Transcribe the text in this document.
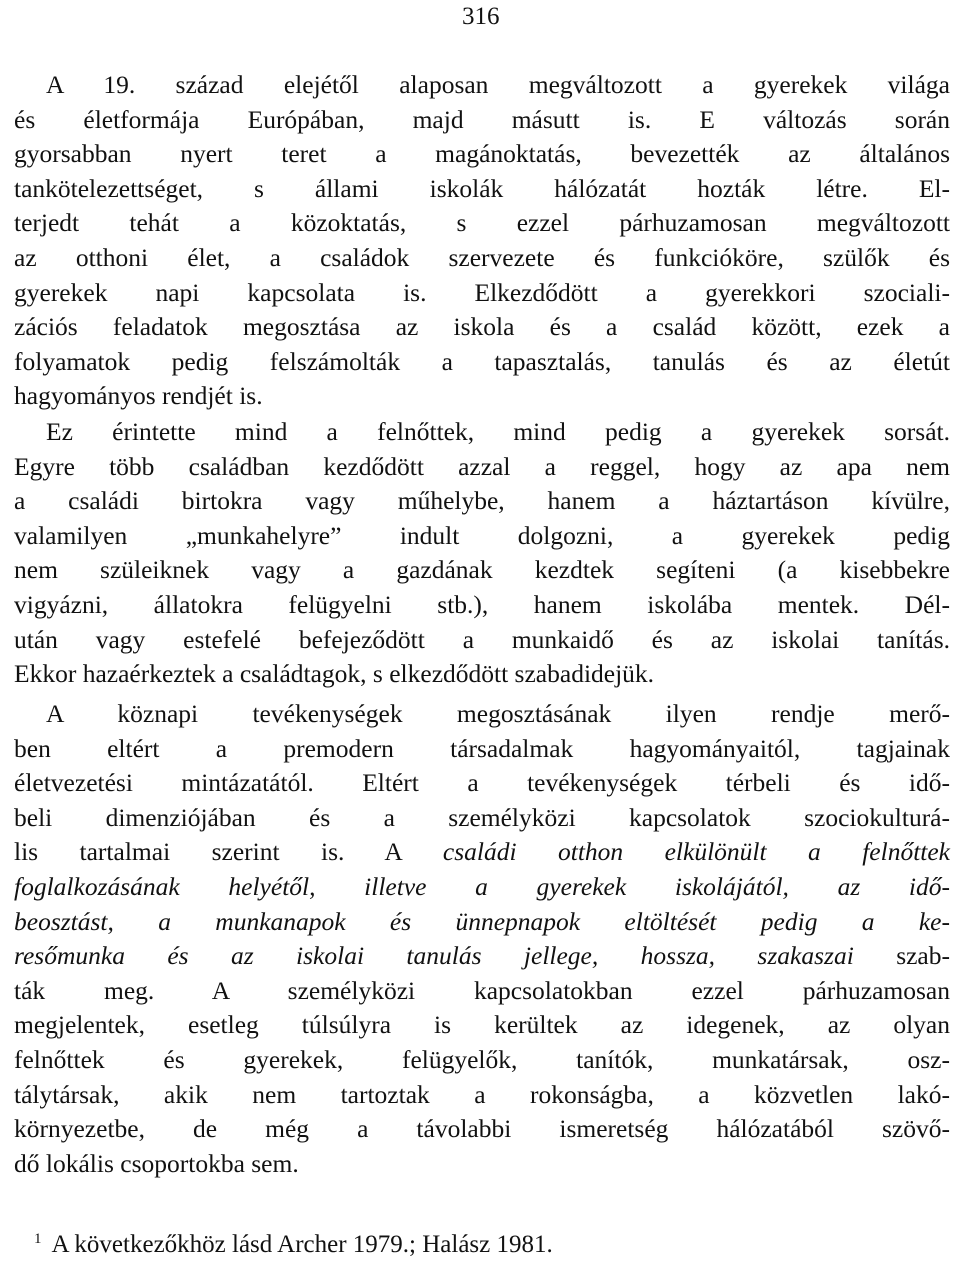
316
A 19. század elejétől alaposan megváltozott a gyerekek világa
és életformája Európában, majd másutt is. E változás során
gyorsabban nyert teret a magánoktatás, bevezették az általános
tankötelezettséget, s állami iskolák hálózatát hozták létre. El-
terjedt tehát a közoktatás, s ezzel párhuzamosan megváltozott
az otthoni élet, a családok szervezete és funkcióköre, szülők és
gyerekek napi kapcsolata is. Elkezdődött a gyerekkori szociali-
zációs feladatok megosztása az iskola és a család között, ezek a
folyamatok pedig felszámolták a tapasztalás, tanulás és az életút
hagyományos rendjét is.
Ez érintette mind a felnőttek, mind pedig a gyerekek sorsát.
Egyre több családban kezdődött azzal a reggel, hogy az apa nem
a családi birtokra vagy műhelybe, hanem a háztartáson kívülre,
valamilyen „munkahelyre” indult dolgozni, a gyerekek pedig
nem szüleiknek vagy a gazdának kezdtek segíteni (a kisebbekre
vigyázni, állatokra felügyelni stb.), hanem iskolába mentek. Dél-
után vagy estefelé befejeződött a munkaidő és az iskolai tanítás.
Ekkor hazaérkeztek a családtagok, s elkezdődött szabadidejük.
A köznapi tevékenységek megosztásának ilyen rendje merő-
ben eltért a premodern társadalmak hagyományaitól, tagjainak
életvezetési mintázatától. Eltért a tevékenységek térbeli és idő-
beli dimenziójában és a személyközi kapcsolatok szociokulturá-
lis tartalmai szerint is. A családi otthon elkülönült a felnőttek
foglalkozásának helyétől, illetve a gyerekek iskolájától, az idő-
beosztást, a munkanapok és ünnepnapok eltöltését pedig a ke-
resőmunka és az iskolai tanulás jellege, hossza, szakaszai szab-
ták meg. A személyközi kapcsolatokban ezzel párhuzamosan
megjelentek, esetleg túlsúlyra is kerültek az idegenek, az olyan
felnőttek és gyerekek, felügyelők, tanítók, munkatársak, osz-
tálytársak, akik nem tartoztak a rokonságba, a közvetlen lakó-
környezetbe, de még a távolabbi ismeretség hálózatából szövő-
dő lokális csoportokba sem.
$^1$ A következőkhöz lásd Archer 1979.; Halász 1981.
